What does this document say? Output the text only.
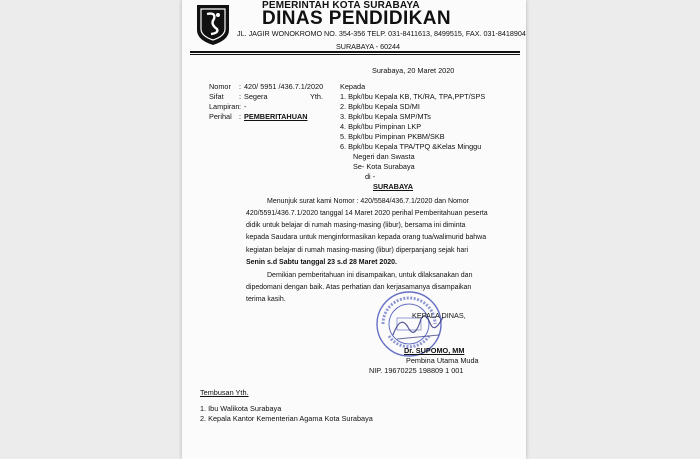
PEMERINTAH KOTA SURABAYA
DINAS PENDIDIKAN
JL. JAGIR WONOKROMO NO. 354-356 TELP. 031-8411613, 8499515, FAX. 031-8418904
SURABAYA - 60244
Surabaya, 20 Maret 2020
Nomor : 420/ 5951 /436.7.1/2020
Sifat : Segera
Lampiran : -
Perihal : PEMBERITAHUAN
Yth.
Kepada
1. Bpk/Ibu Kepala KB, TK/RA, TPA,PPT/SPS
2. Bpk/Ibu Kepala SD/MI
3. Bpk/Ibu Kepala SMP/MTs
4. Bpk/Ibu Pimpinan LKP
5. Bpk/Ibu Pimpinan PKBM/SKB
6. Bpk/Ibu Kepala TPA/TPQ &Kelas Minggu
Negeri dan Swasta
Se- Kota Surabaya
di -
SURABAYA
Menunjuk surat kami Nomor : 420/5584/436.7.1/2020 dan Nomor
420/5591/436.7.1/2020 tanggal 14 Maret 2020 perihal Pemberitahuan peserta
didik untuk belajar di rumah masing-masing (libur), bersama ini diminta
kepada Saudara untuk menginformasikan kepada orang tua/walimurid bahwa
kegiatan belajar di rumah masing-masing (libur) diperpanjang sejak hari
Senin s.d Sabtu tanggal 23 s.d 28 Maret 2020.
Demikian pemberitahuan ini disampaikan, untuk dilaksanakan dan
dipedomani dengan baik. Atas perhatian dan kerjasamanya disampaikan
terima kasih.
KEPALA DINAS,
Dr. SUPOMO, MM
Pembina Utama Muda
NIP. 19670225 198809 1 001
Tembusan Yth.
1. Ibu Walikota Surabaya
2. Kepala Kantor Kementerian Agama Kota Surabaya
